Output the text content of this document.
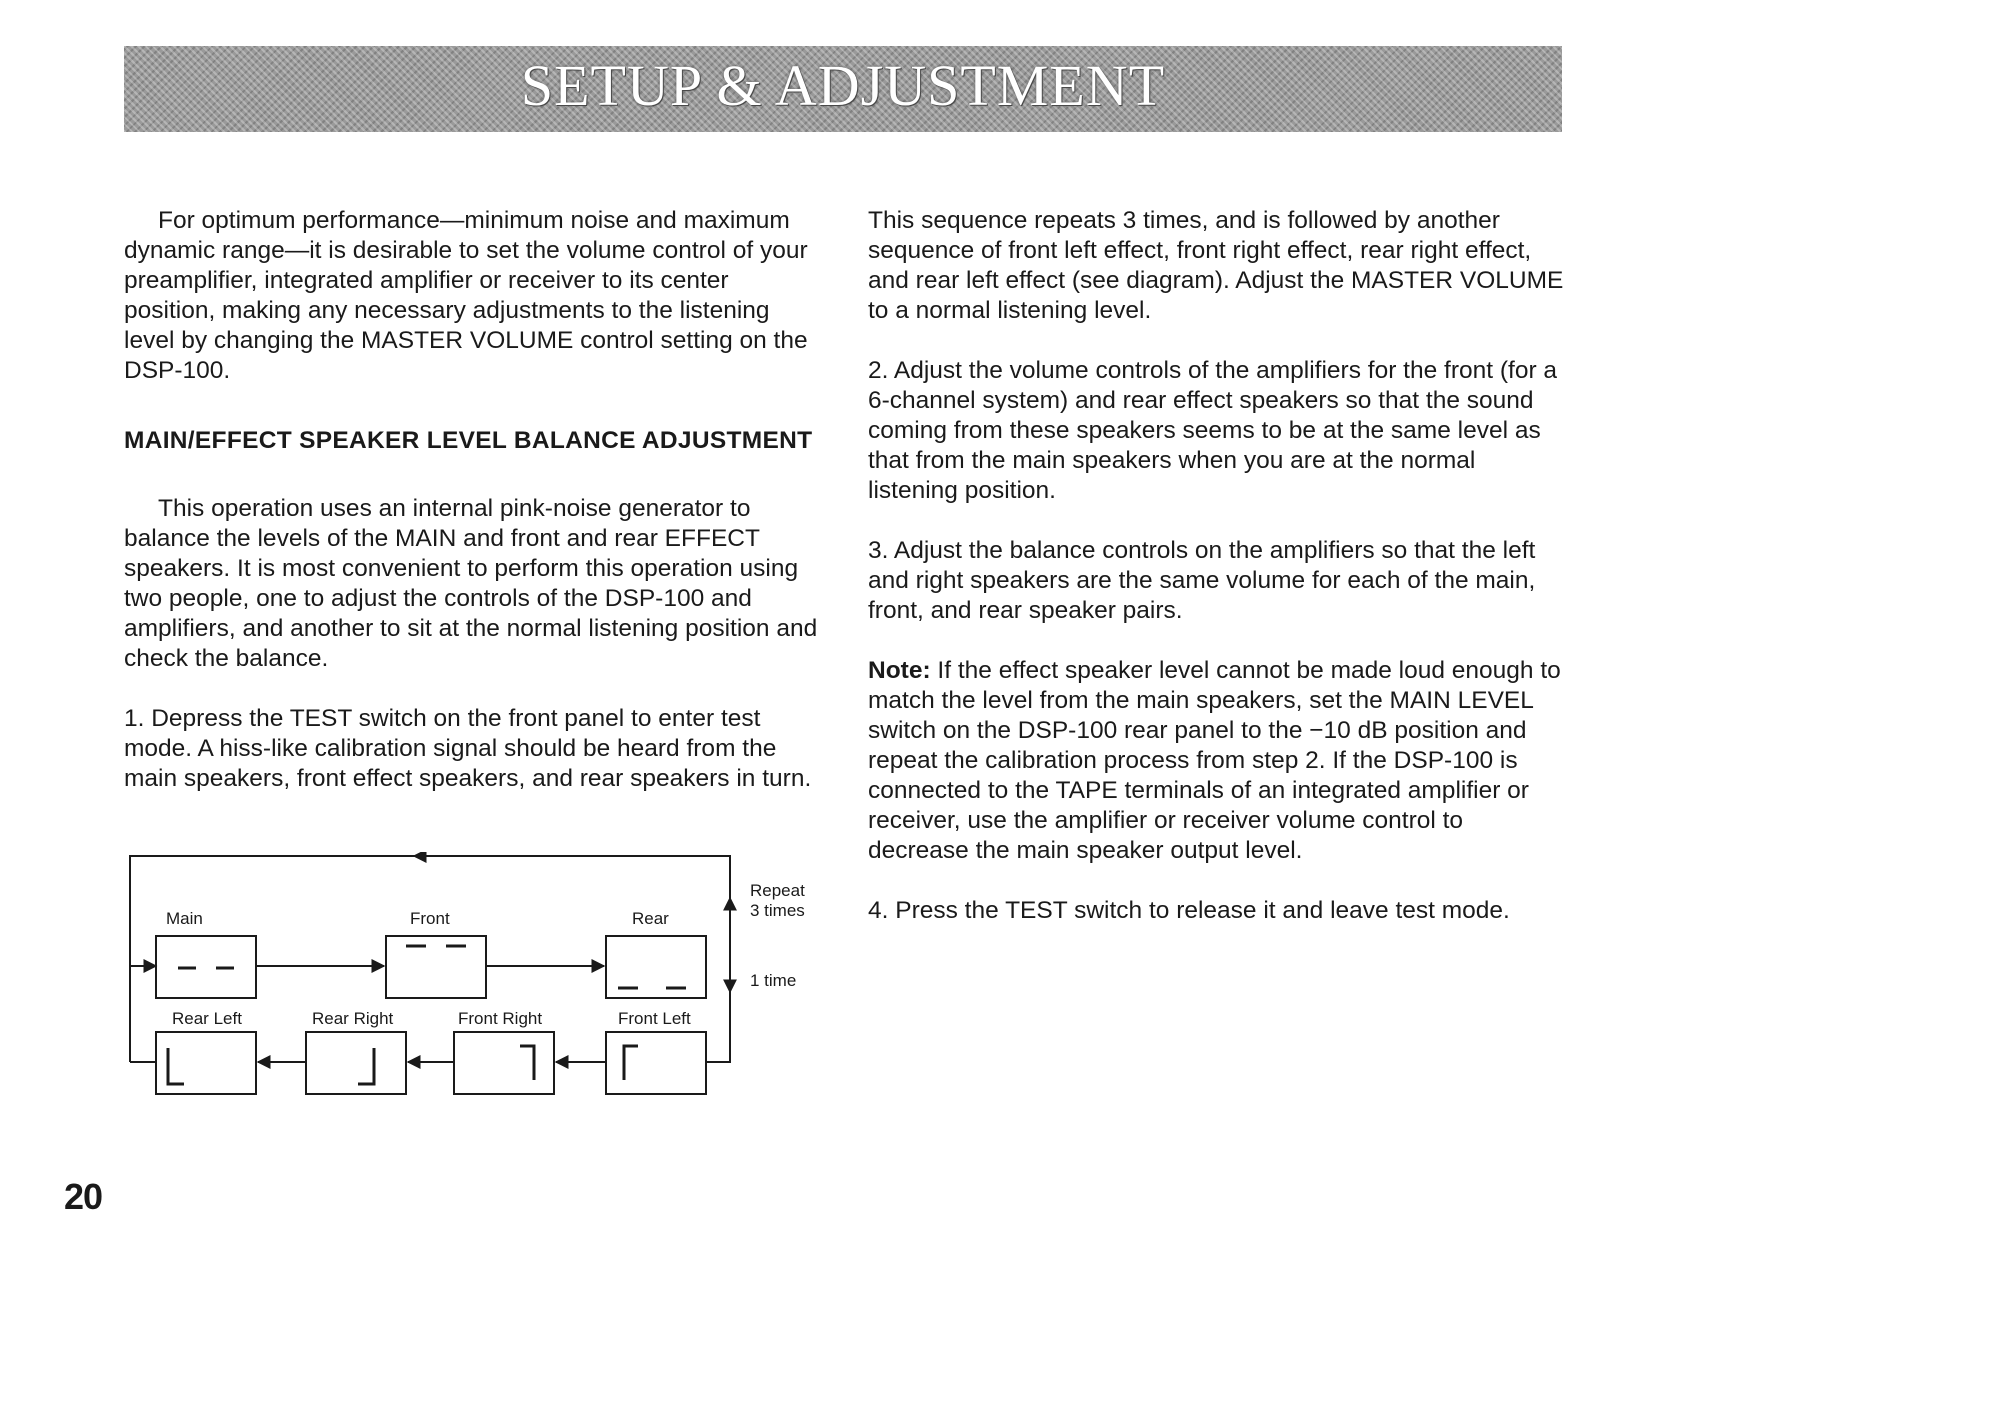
SETUP & ADJUSTMENT

For optimum performance—minimum noise and maximum dynamic range—it is desirable to set the volume control of your preamplifier, integrated amplifier or receiver to its center position, making any necessary adjustments to the listening level by changing the MASTER VOLUME control setting on the DSP-100.

MAIN/EFFECT SPEAKER LEVEL BALANCE ADJUSTMENT

This operation uses an internal pink-noise generator to balance the levels of the MAIN and front and rear EFFECT speakers. It is most convenient to perform this operation using two people, one to adjust the controls of the DSP-100 and amplifiers, and another to sit at the normal listening position and check the balance.

1. Depress the TEST switch on the front panel to enter test mode. A hiss-like calibration signal should be heard from the main speakers, front effect speakers, and rear speakers in turn.

Main	Front	Rear
Rear Left	Rear Right	Front Right	Front Left
Repeat
3 times
1 time

This sequence repeats 3 times, and is followed by another sequence of front left effect, front right effect, rear right effect, and rear left effect (see diagram). Adjust the MASTER VOLUME to a normal listening level.

2. Adjust the volume controls of the amplifiers for the front (for a 6-channel system) and rear effect speakers so that the sound coming from these speakers seems to be at the same level as that from the main speakers when you are at the normal listening position.

3. Adjust the balance controls on the amplifiers so that the left and right speakers are the same volume for each of the main, front, and rear speaker pairs.

Note: If the effect speaker level cannot be made loud enough to match the level from the main speakers, set the MAIN LEVEL switch on the DSP-100 rear panel to the −10 dB position and repeat the calibration process from step 2. If the DSP-100 is connected to the TAPE terminals of an integrated amplifier or receiver, use the amplifier or receiver volume control to decrease the main speaker output level.

4. Press the TEST switch to release it and leave test mode.

20
